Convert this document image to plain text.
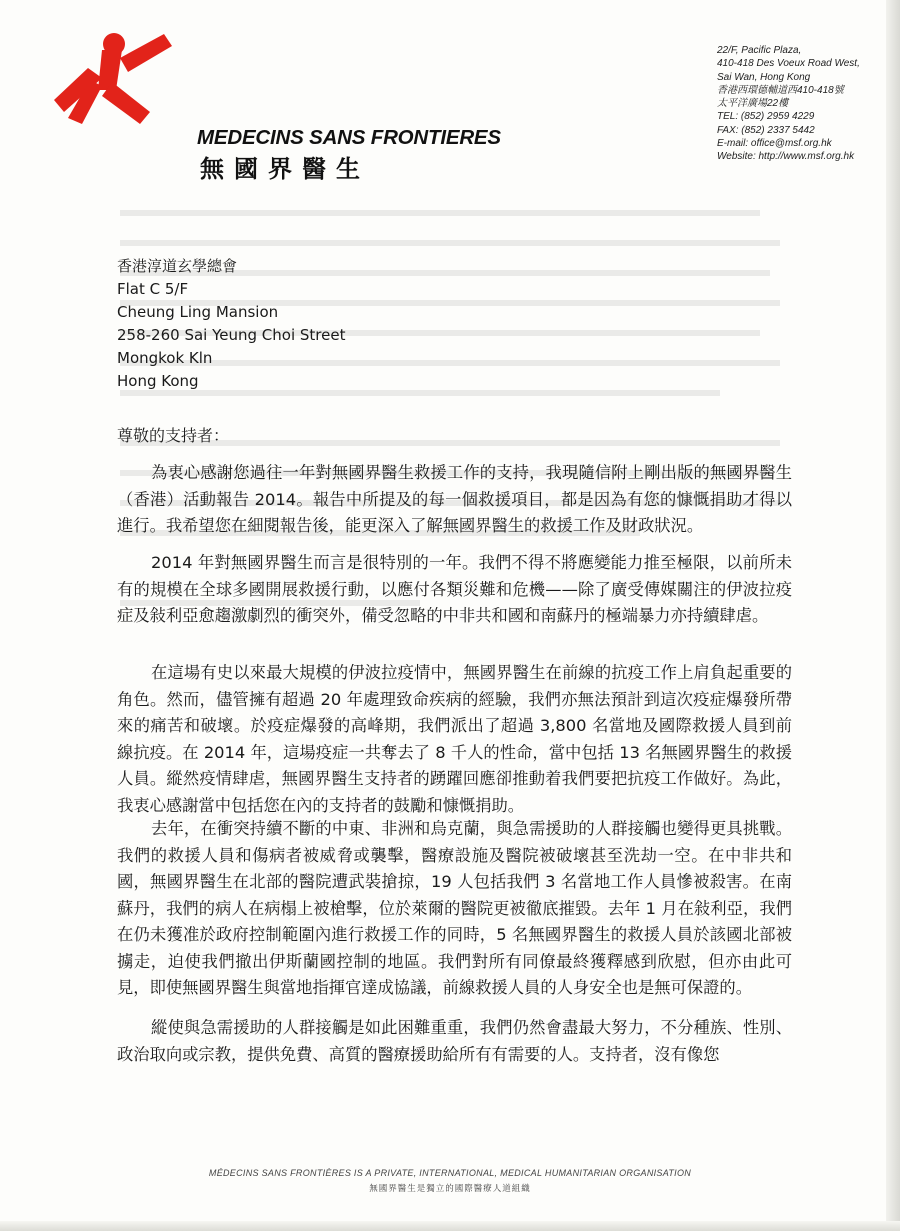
MEDECINS SANS FRONTIERES
無國界醫生
22/F, Pacific Plaza,
410-418 Des Voeux Road West,
Sai Wan, Hong Kong
香港西環德輔道西410-418號
太平洋廣場22樓
TEL: (852) 2959 4229
FAX: (852) 2337 5442
E-mail: office@msf.org.hk
Website: http://www.msf.org.hk
香港淳道玄學總會
Flat C 5/F
Cheung Ling Mansion
258-260 Sai Yeung Choi Street
Mongkok Kln
Hong Kong
尊敬的支持者：

為衷心感謝您過往一年對無國界醫生救援工作的支持，我現隨信附上剛出版的無國界醫生（香港）活動報告 2014。報告中所提及的每一個救援項目，都是因為有您的慷慨捐助才得以進行。我希望您在細閱報告後，能更深入了解無國界醫生的救援工作及財政狀況。

2014 年對無國界醫生而言是很特別的一年。我們不得不將應變能力推至極限，以前所未有的規模在全球多國開展救援行動，以應付各類災難和危機——除了廣受傳媒關注的伊波拉疫症及敍利亞愈趨激劇烈的衝突外，備受忽略的中非共和國和南蘇丹的極端暴力亦持續肆虐。

在這場有史以來最大規模的伊波拉疫情中，無國界醫生在前線的抗疫工作上肩負起重要的角色。然而，儘管擁有超過 20 年處理致命疾病的經驗，我們亦無法預計到這次疫症爆發所帶來的痛苦和破壞。於疫症爆發的高峰期，我們派出了超過 3,800 名當地及國際救援人員到前線抗疫。在 2014 年，這場疫症一共奪去了 8 千人的性命，當中包括 13 名無國界醫生的救援人員。縱然疫情肆虐，無國界醫生支持者的踴躍回應卻推動着我們要把抗疫工作做好。為此，我衷心感謝當中包括您在內的支持者的鼓勵和慷慨捐助。

去年，在衝突持續不斷的中東、非洲和烏克蘭，與急需援助的人群接觸也變得更具挑戰。我們的救援人員和傷病者被威脅或襲擊，醫療設施及醫院被破壞甚至洗劫一空。在中非共和國，無國界醫生在北部的醫院遭武裝搶掠，19 人包括我們 3 名當地工作人員慘被殺害。在南蘇丹，我們的病人在病榻上被槍擊，位於萊爾的醫院更被徹底摧毀。去年 1 月在敍利亞，我們在仍未獲准於政府控制範圍內進行救援工作的同時，5 名無國界醫生的救援人員於該國北部被擄走，迫使我們撤出伊斯蘭國控制的地區。我們對所有同僚最終獲釋感到欣慰，但亦由此可見，即使無國界醫生與當地指揮官達成協議，前線救援人員的人身安全也是無可保證的。

縱使與急需援助的人群接觸是如此困難重重，我們仍然會盡最大努力，不分種族、性別、政治取向或宗教，提供免費、高質的醫療援助給所有有需要的人。支持者，沒有像您

MÉDECINS SANS FRONTIÈRES IS A PRIVATE, INTERNATIONAL, MEDICAL HUMANITARIAN ORGANISATION
無國界醫生是獨立的國際醫療人道組織
